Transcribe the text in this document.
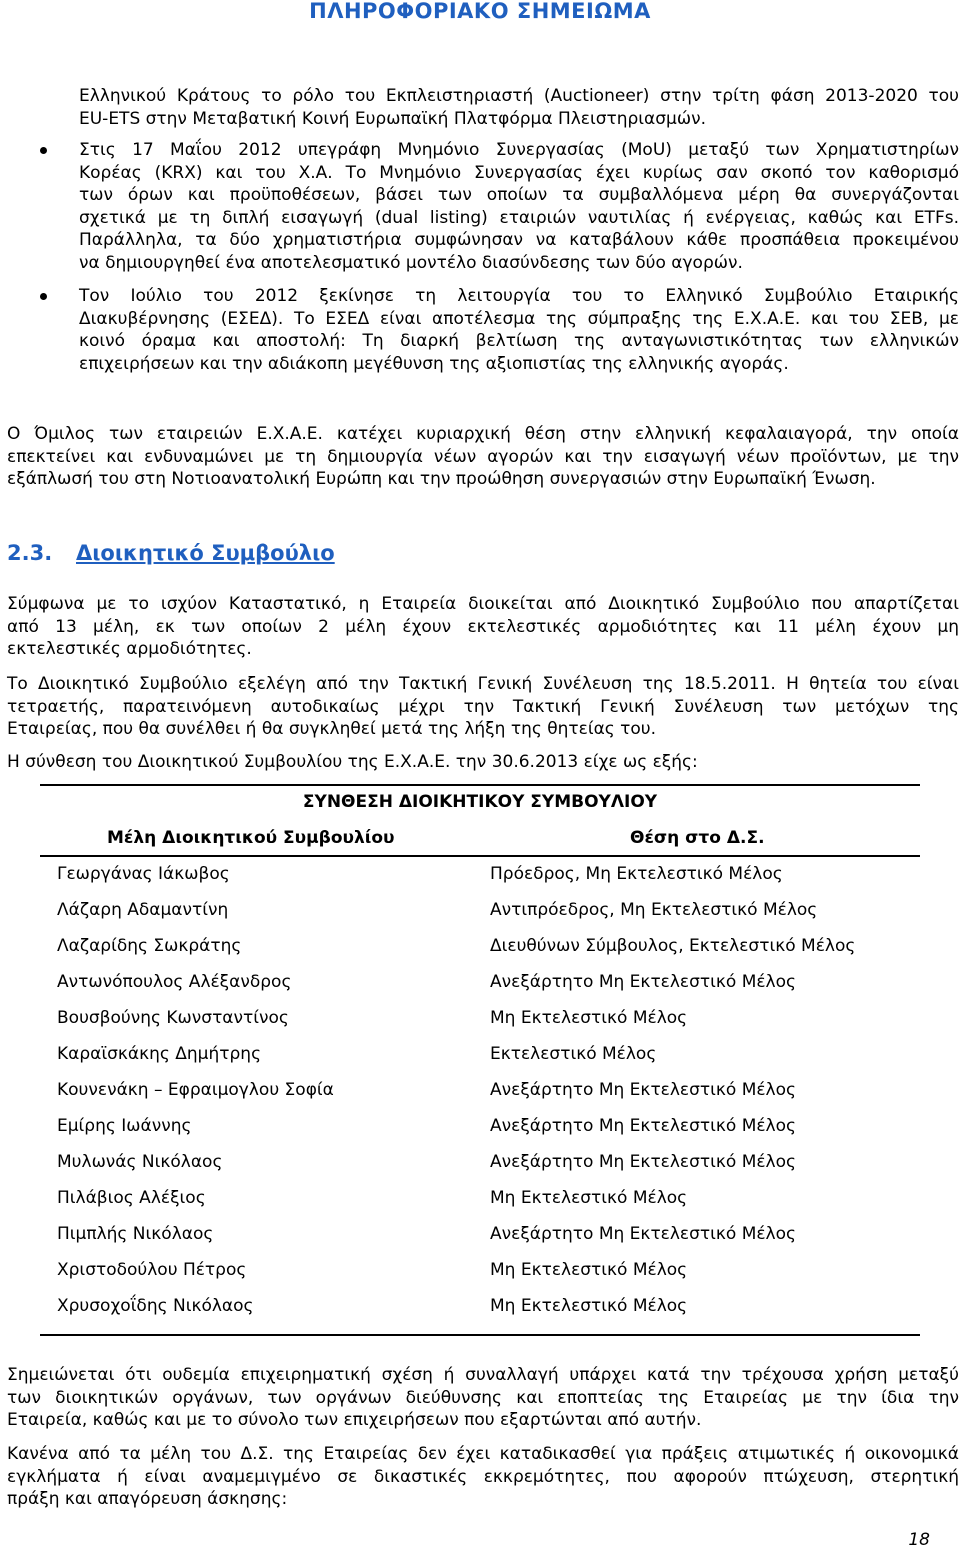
ΠΛΗΡΟΦΟΡΙΑΚΟ ΣΗΜΕΙΩΜΑ
Ελληνικού Κράτους το ρόλο του Εκπλειστηριαστή (Auctioneer) στην τρίτη φάση 2013-2020 του
EU-ETS στην Μεταβατική Κοινή Ευρωπαϊκή Πλατφόρμα Πλειστηριασμών.
Στις 17 Μαΐου 2012 υπεγράφη Μνημόνιο Συνεργασίας (MoU) μεταξύ των Χρηματιστηρίων
Κορέας (KRX) και του Χ.Α. Το Μνημόνιο Συνεργασίας έχει κυρίως σαν σκοπό τον καθορισμό
των όρων και προϋποθέσεων, βάσει των οποίων τα συμβαλλόμενα μέρη θα συνεργάζονται
σχετικά με τη διπλή εισαγωγή (dual listing) εταιριών ναυτιλίας ή ενέργειας, καθώς και ETFs.
Παράλληλα, τα δύο χρηματιστήρια συμφώνησαν να καταβάλουν κάθε προσπάθεια προκειμένου
να δημιουργηθεί ένα αποτελεσματικό μοντέλο διασύνδεσης των δύο αγορών.
Τον Ιούλιο του 2012 ξεκίνησε τη λειτουργία του το Ελληνικό Συμβούλιο Εταιρικής
Διακυβέρνησης (ΕΣΕΔ). Το ΕΣΕΔ είναι αποτέλεσμα της σύμπραξης της Ε.Χ.Α.Ε. και του ΣΕΒ, με
κοινό όραμα και αποστολή: Τη διαρκή βελτίωση της ανταγωνιστικότητας των ελληνικών
επιχειρήσεων και την αδιάκοπη μεγέθυνση της αξιοπιστίας της ελληνικής αγοράς.
Ο Όμιλος των εταιρειών Ε.Χ.Α.Ε. κατέχει κυριαρχική θέση στην ελληνική κεφαλαιαγορά, την οποία
επεκτείνει και ενδυναμώνει με τη δημιουργία νέων αγορών και την εισαγωγή νέων προϊόντων, με την
εξάπλωσή του στη Νοτιοανατολική Ευρώπη και την προώθηση συνεργασιών στην Ευρωπαϊκή Ένωση.
2.3. Διοικητικό Συμβούλιο
Σύμφωνα με το ισχύον Καταστατικό, η Εταιρεία διοικείται από Διοικητικό Συμβούλιο που απαρτίζεται
από 13 μέλη, εκ των οποίων 2 μέλη έχουν εκτελεστικές αρμοδιότητες και 11 μέλη έχουν μη
εκτελεστικές αρμοδιότητες.
Το Διοικητικό Συμβούλιο εξελέγη από την Τακτική Γενική Συνέλευση της 18.5.2011. Η θητεία του είναι
τετραετής, παρατεινόμενη αυτοδικαίως μέχρι την Τακτική Γενική Συνέλευση των μετόχων της
Εταιρείας, που θα συνέλθει ή θα συγκληθεί μετά της λήξη της θητείας του.
Η σύνθεση του Διοικητικού Συμβουλίου της Ε.Χ.Α.Ε. την 30.6.2013 είχε ως εξής:
ΣΥΝΘΕΣΗ ΔΙΟΙΚΗΤΙΚΟΥ ΣΥΜΒΟΥΛΙΟΥ
Μέλη Διοικητικού Συμβουλίου	Θέση στο Δ.Σ.
Γεωργάνας Ιάκωβος	Πρόεδρος, Μη Εκτελεστικό Μέλος
Λάζαρη Αδαμαντίνη	Αντιπρόεδρος, Μη Εκτελεστικό Μέλος
Λαζαρίδης Σωκράτης	Διευθύνων Σύμβουλος, Εκτελεστικό Μέλος
Αντωνόπουλος Αλέξανδρος	Ανεξάρτητο Μη Εκτελεστικό Μέλος
Βουσβούνης Κωνσταντίνος	Μη Εκτελεστικό Μέλος
Καραϊσκάκης Δημήτρης	Εκτελεστικό Μέλος
Κουνενάκη – Εφραιμογλου Σοφία	Ανεξάρτητο Μη Εκτελεστικό Μέλος
Εμίρης Ιωάννης	Ανεξάρτητο Μη Εκτελεστικό Μέλος
Μυλωνάς Νικόλαος	Ανεξάρτητο Μη Εκτελεστικό Μέλος
Πιλάβιος Αλέξιος	Μη Εκτελεστικό Μέλος
Πιμπλής Νικόλαος	Ανεξάρτητο Μη Εκτελεστικό Μέλος
Χριστοδούλου Πέτρος	Μη Εκτελεστικό Μέλος
Χρυσοχοΐδης Νικόλαος	Μη Εκτελεστικό Μέλος
Σημειώνεται ότι ουδεμία επιχειρηματική σχέση ή συναλλαγή υπάρχει κατά την τρέχουσα χρήση μεταξύ
των διοικητικών οργάνων, των οργάνων διεύθυνσης και εποπτείας της Εταιρείας με την ίδια την
Εταιρεία, καθώς και με το σύνολο των επιχειρήσεων που εξαρτώνται από αυτήν.
Κανένα από τα μέλη του Δ.Σ. της Εταιρείας δεν έχει καταδικασθεί για πράξεις ατιμωτικές ή οικονομικά
εγκλήματα ή είναι αναμεμιγμένο σε δικαστικές εκκρεμότητες, που αφορούν πτώχευση, στερητική
πράξη και απαγόρευση άσκησης:
18
